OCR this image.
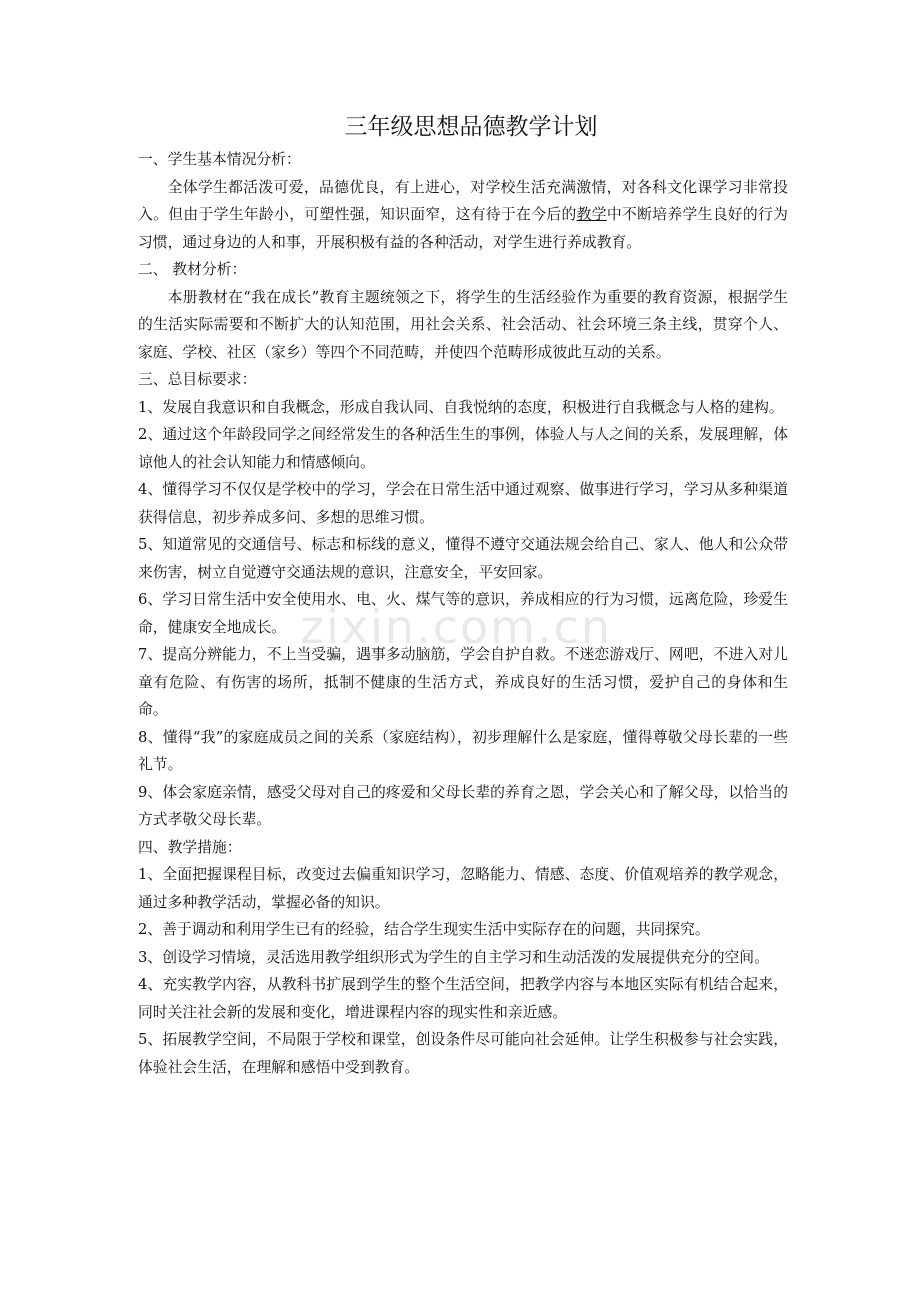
zixin.com.cn
三年级思想品德教学计划

一、学生基本情况分析：

全体学生都活泼可爱，品德优良，有上进心，对学校生活充满激情，对各科文化课学习非常投入。但由于学生年龄小，可塑性强，知识面窄，这有待于在今后的教学中不断培养学生良好的行为习惯，通过身边的人和事，开展积极有益的各种活动，对学生进行养成教育。

二、 教材分析：

本册教材在“我在成长”教育主题统领之下，将学生的生活经验作为重要的教育资源，根据学生的生活实际需要和不断扩大的认知范围，用社会关系、社会活动、社会环境三条主线，贯穿个人、家庭、学校、社区（家乡）等四个不同范畴，并使四个范畴形成彼此互动的关系。

三、总目标要求：

1、发展自我意识和自我概念，形成自我认同、自我悦纳的态度，积极进行自我概念与人格的建构。

2、通过这个年龄段同学之间经常发生的各种活生生的事例，体验人与人之间的关系，发展理解，体谅他人的社会认知能力和情感倾向。

4、懂得学习不仅仅是学校中的学习，学会在日常生活中通过观察、做事进行学习，学习从多种渠道获得信息，初步养成多问、多想的思维习惯。

5、知道常见的交通信号、标志和标线的意义，懂得不遵守交通法规会给自己、家人、他人和公众带来伤害，树立自觉遵守交通法规的意识，注意安全，平安回家。

6、学习日常生活中安全使用水、电、火、煤气等的意识，养成相应的行为习惯，远离危险，珍爱生命，健康安全地成长。

7、提高分辨能力，不上当受骗，遇事多动脑筋，学会自护自救。不迷恋游戏厅、网吧，不进入对儿童有危险、有伤害的场所，抵制不健康的生活方式，养成良好的生活习惯，爱护自己的身体和生命。

8、懂得“我”的家庭成员之间的关系（家庭结构），初步理解什么是家庭，懂得尊敬父母长辈的一些礼节。

9、体会家庭亲情，感受父母对自己的疼爱和父母长辈的养育之恩，学会关心和了解父母，以恰当的方式孝敬父母长辈。

四、教学措施：

1、全面把握课程目标，改变过去偏重知识学习，忽略能力、情感、态度、价值观培养的教学观念，通过多种教学活动，掌握必备的知识。

2、善于调动和利用学生已有的经验，结合学生现实生活中实际存在的问题，共同探究。

3、创设学习情境，灵活选用教学组织形式为学生的自主学习和生动活泼的发展提供充分的空间。

4、充实教学内容，从教科书扩展到学生的整个生活空间，把教学内容与本地区实际有机结合起来，同时关注社会新的发展和变化，增进课程内容的现实性和亲近感。

5、拓展教学空间，不局限于学校和课堂，创设条件尽可能向社会延伸。让学生积极参与社会实践，体验社会生活，在理解和感悟中受到教育。
